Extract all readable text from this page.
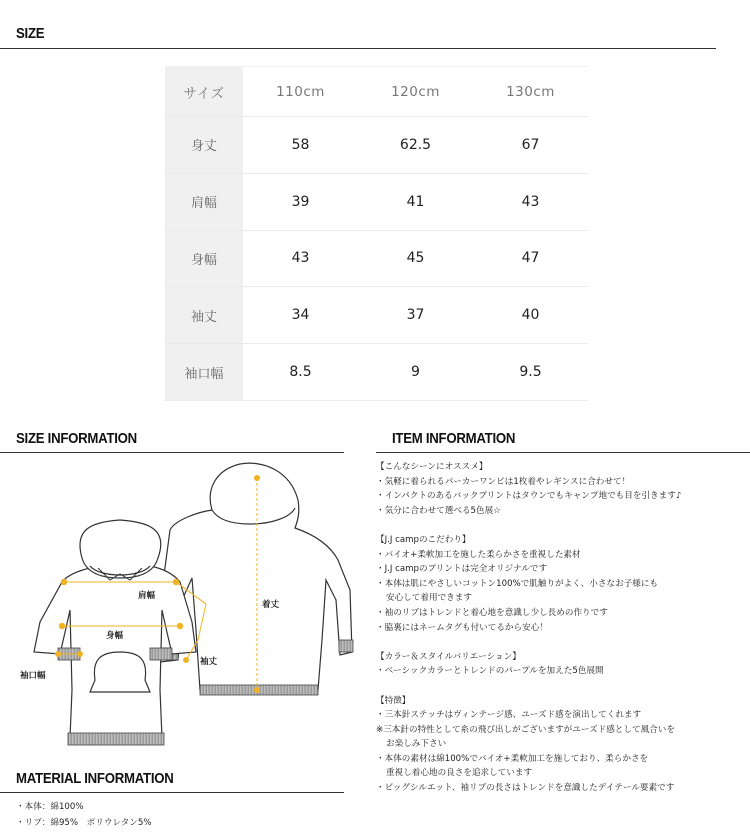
SIZE
サイズ	110cm	120cm	130cm
身丈	58	62.5	67
肩幅	39	41	43
身幅	43	45	47
袖丈	34	37	40
袖口幅	8.5	9	9.5
SIZE INFORMATION	ITEM INFORMATION
肩幅
身幅
袖口幅
袖丈
着丈
【こんなシーンにオススメ】
・気軽に着られるパーカーワンピは1枚着やレギンスに合わせて！
・インパクトのあるバックプリントはタウンでもキャンプ地でも目を引きます♪
・気分に合わせて選べる5色展☆
【J.J campのこだわり】
・バイオ+柔軟加工を施した柔らかさを重視した素材
・J.J campのプリントは完全オリジナルです
・本体は肌にやさしいコットン100%で肌触りがよく、小さなお子様にも
安心して着用できます
・袖のリブはトレンドと着心地を意識し少し長めの作りです
・脇裏にはネームタグも付いてるから安心！
【カラー＆スタイルバリエーション】
・ベーシックカラーとトレンドのパープルを加えた5色展開
【特徴】
・三本針ステッチはヴィンテージ感、ユーズド感を演出してくれます
※三本針の特性として糸の飛び出しがございますがユーズド感として風合いを
お楽しみ下さい
・本体の素材は綿100%でバイオ+柔軟加工を施しており、柔らかさを
重視し着心地の良さを追求しています
・ビッグシルエット、袖リブの長さはトレンドを意識したデイテール要素です
MATERIAL INFORMATION
・本体：綿100%
・リブ：綿95%　ポリウレタン5%
